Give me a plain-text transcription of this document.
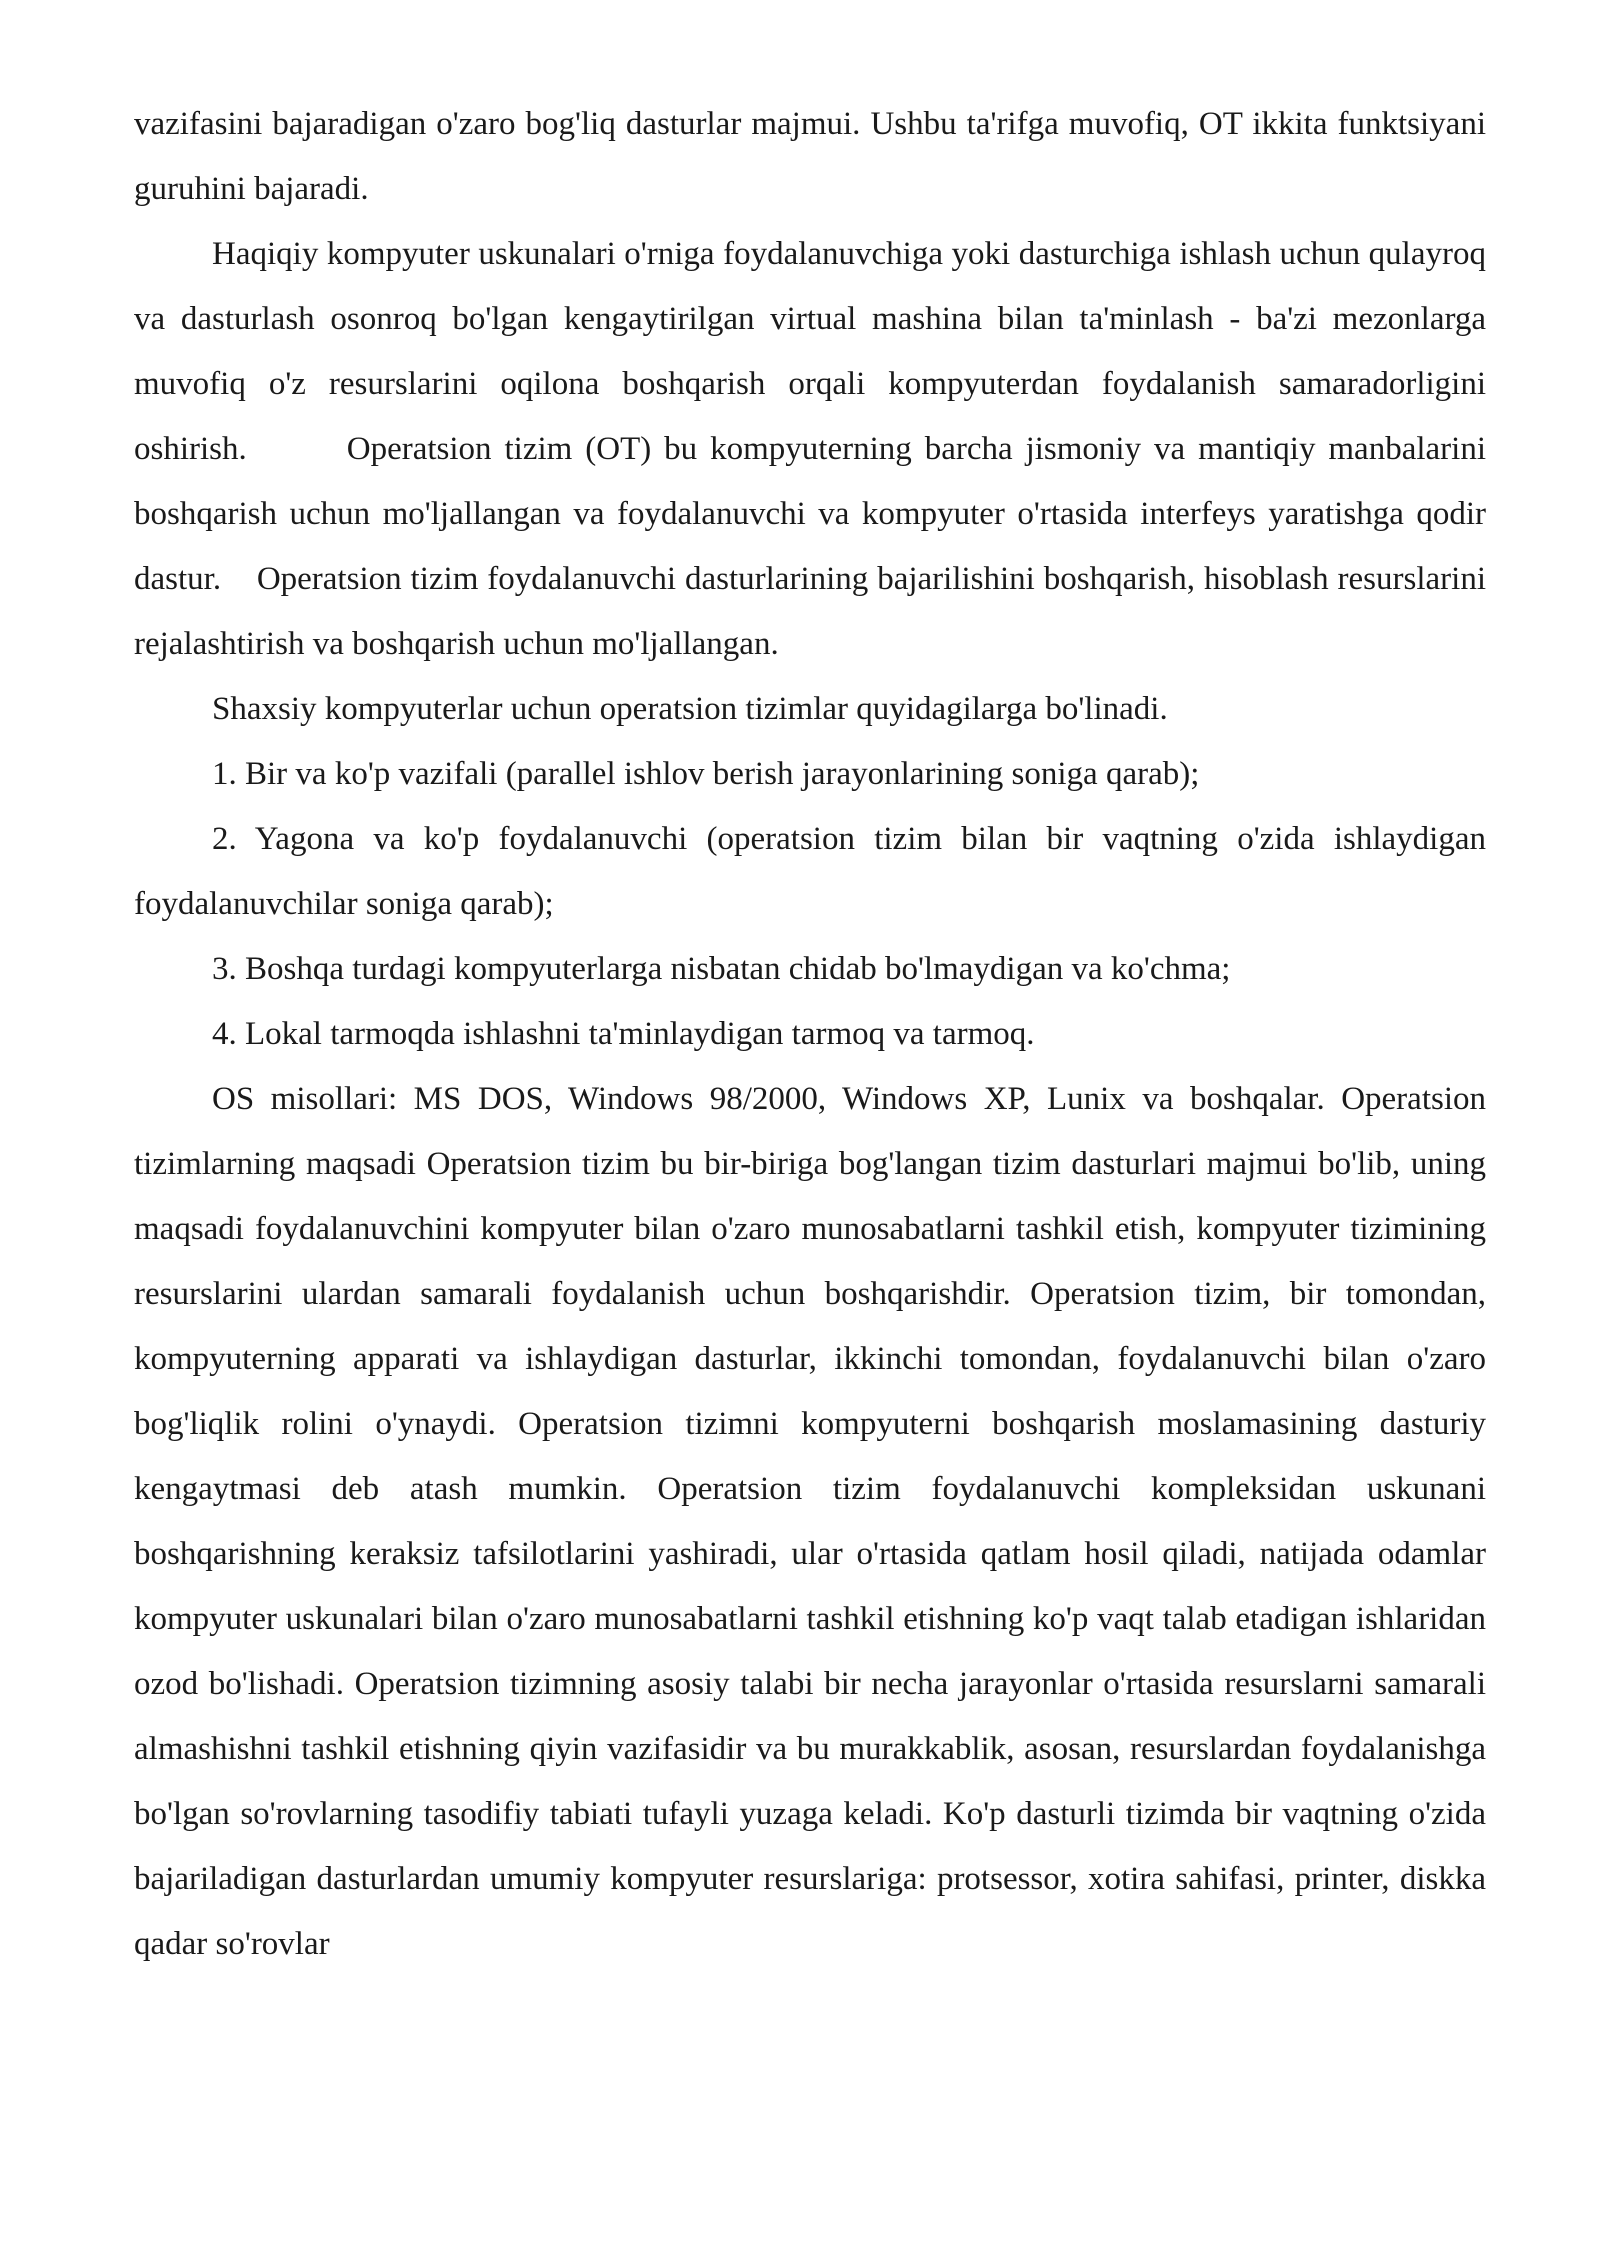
vazifasini bajaradigan o'zaro bog'liq dasturlar majmui. Ushbu ta'rifga muvofiq, OT ikkita funktsiyani guruhini bajaradi.

Haqiqiy kompyuter uskunalari o'rniga foydalanuvchiga yoki dasturchiga ishlash uchun qulayroq va dasturlash osonroq bo'lgan kengaytirilgan virtual mashina bilan ta'minlash - ba'zi mezonlarga muvofiq o'z resurslarini oqilona boshqarish orqali kompyuterdan foydalanish samaradorligini oshirish.	Operatsion tizim (OT) bu kompyuterning barcha jismoniy va mantiqiy manbalarini boshqarish uchun mo'ljallangan va foydalanuvchi va kompyuter o'rtasida interfeys yaratishga qodir dastur. Operatsion tizim foydalanuvchi dasturlarining bajarilishini boshqarish, hisoblash resurslarini rejalashtirish va boshqarish uchun mo'ljallangan.

Shaxsiy kompyuterlar uchun operatsion tizimlar quyidagilarga bo'linadi.

1. Bir va ko'p vazifali (parallel ishlov berish jarayonlarining soniga qarab);

2. Yagona va ko'p foydalanuvchi (operatsion tizim bilan bir vaqtning o'zida ishlaydigan foydalanuvchilar soniga qarab);

3. Boshqa turdagi kompyuterlarga nisbatan chidab bo'lmaydigan va ko'chma;

4. Lokal tarmoqda ishlashni ta'minlaydigan tarmoq va tarmoq.

OS misollari: MS DOS, Windows 98/2000, Windows XP, Lunix va boshqalar. Operatsion tizimlarning maqsadi Operatsion tizim bu bir-biriga bog'langan tizim dasturlari majmui bo'lib, uning maqsadi foydalanuvchini kompyuter bilan o'zaro munosabatlarni tashkil etish, kompyuter tizimining resurslarini ulardan samarali foydalanish uchun boshqarishdir. Operatsion tizim, bir tomondan, kompyuterning apparati va ishlaydigan dasturlar, ikkinchi tomondan, foydalanuvchi bilan o'zaro bog'liqlik rolini o'ynaydi. Operatsion tizimni kompyuterni boshqarish moslamasining dasturiy kengaytmasi deb atash mumkin. Operatsion tizim foydalanuvchi kompleksidan uskunani boshqarishning keraksiz tafsilotlarini yashiradi, ular o'rtasida qatlam hosil qiladi, natijada odamlar kompyuter uskunalari bilan o'zaro munosabatlarni tashkil etishning ko'p vaqt talab etadigan ishlaridan ozod bo'lishadi. Operatsion tizimning asosiy talabi bir necha jarayonlar o'rtasida resurslarni samarali almashishni tashkil etishning qiyin vazifasidir va bu murakkablik, asosan, resurslardan foydalanishga bo'lgan so'rovlarning tasodifiy tabiati tufayli yuzaga keladi. Ko'p dasturli tizimda bir vaqtning o'zida bajariladigan dasturlardan umumiy kompyuter resurslariga: protsessor, xotira sahifasi, printer, diskka qadar so'rovlar
